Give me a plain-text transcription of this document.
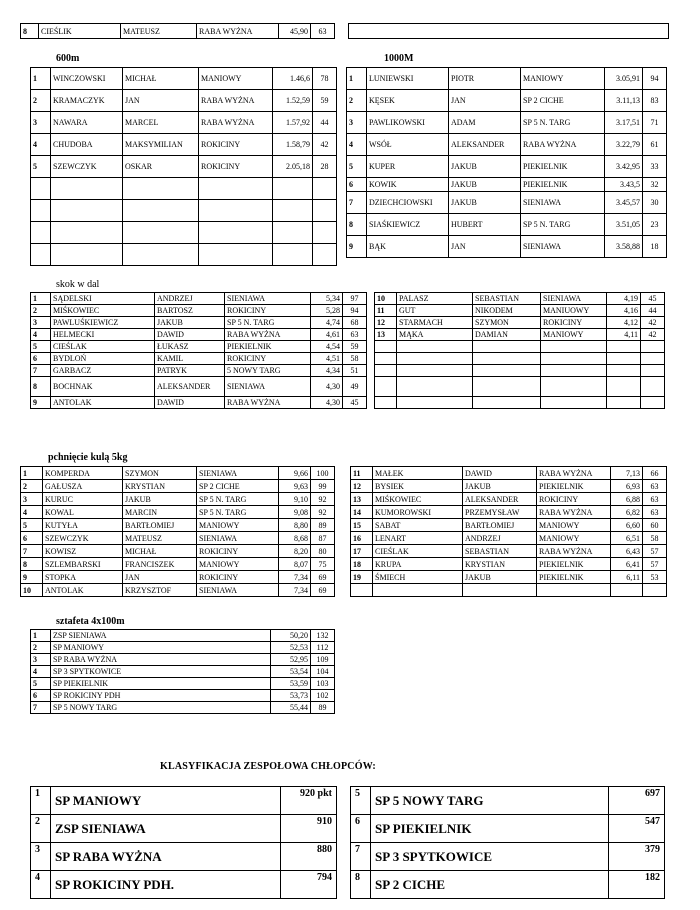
8	CIEŚLIK	MATEUSZ	RABA WYŻNA	45,90	63
600m
1	WINCZOWSKI	MICHAŁ	MANIOWY	1.46,6	78
2	KRAMACZYK	JAN	RABA WYŻNA	1.52,59	59
3	NAWARA	MARCEL	RABA WYŻNA	1.57,92	44
4	CHUDOBA	MAKSYMILIAN	ROKICINY	1.58,79	42
5	SZEWCZYK	OSKAR	ROKICINY	2.05,18	28

1000M
1	LUNIEWSKI	PIOTR	MANIOWY	3.05,91	94
2	KĘSEK	JAN	SP 2 CICHE	3.11,13	83
3	PAWLIKOWSKI	ADAM	SP 5 N. TARG	3.17,51	71
4	WSÓŁ	ALEKSANDER	RABA WYŻNA	3.22,79	61
5	KUPER	JAKUB	PIEKIELNIK	3.42,95	33
6	KOWIK	JAKUB	PIEKIELNIK	3.43,5	32
7	DZIECHCIOWSKI	JAKUB	SIENIAWA	3.45,57	30
8	SIAŚKIEWICZ	HUBERT	SP 5 N. TARG	3.51,05	23
9	BĄK	JAN	SIENIAWA	3.58,88	18
skok w dal
1	SĄDELSKI	ANDRZEJ	SIENIAWA	5,34	97
2	MIŚKOWIEC	BARTOSZ	ROKICINY	5,28	94
3	PAWLUŚKIEWICZ	JAKUB	SP 5 N. TARG	4,74	68
4	HELMECKI	DAWID	RABA WYŻNA	4,61	63
5	CIEŚLAK	ŁUKASZ	PIEKIELNIK	4,54	59
6	BYDLOŃ	KAMIL	ROKICINY	4,51	58
7	GARBACZ	PATRYK	5 NOWY TARG	4,34	51
8	BOCHNAK	ALEKSANDER	SIENIAWA	4,30	49
9	ANTOLAK	DAWID	RABA WYŻNA	4,30	45
10	PALASZ	SEBASTIAN	SIENIAWA	4,19	45
11	GUT	NIKODEM	MANIUOWY	4,16	44
12	STARMACH	SZYMON	ROKICINY	4,12	42
13	MĄKA	DAMIAN	MANIOWY	4,11	42

pchnięcie kulą 5kg
1	KOMPERDA	SZYMON	SIENIAWA	9,66	100
2	GAŁUSZA	KRYSTIAN	SP 2 CICHE	9,63	99
3	KURUC	JAKUB	SP 5 N. TARG	9,10	92
4	KOWAL	MARCIN	SP 5 N. TARG	9,08	92
5	KUTYŁA	BARTŁOMIEJ	MANIOWY	8,80	89
6	SZEWCZYK	MATEUSZ	SIENIAWA	8,68	87
7	KOWISZ	MICHAŁ	ROKICINY	8,20	80
8	SZLEMBARSKI	FRANCISZEK	MANIOWY	8,07	75
9	STOPKA	JAN	ROKICINY	7,34	69
10	ANTOLAK	KRZYSZTOF	SIENIAWA	7,34	69
11	MAŁEK	DAWID	RABA WYŻNA	7,13	66
12	BYSIEK	JAKUB	PIEKIELNIK	6,93	63
13	MIŚKOWIEC	ALEKSANDER	ROKICINY	6,88	63
14	KUMOROWSKI	PRZEMYSŁAW	RABA WYŻNA	6,82	63
15	SABAT	BARTŁOMIEJ	MANIOWY	6,60	60
16	LENART	ANDRZEJ	MANIOWY	6,51	58
17	CIEŚLAK	SEBASTIAN	RABA WYŻNA	6,43	57
18	KRUPA	KRYSTIAN	PIEKIELNIK	6,41	57
19	ŚMIECH	JAKUB	PIEKIELNIK	6,11	53

sztafeta 4x100m
1	ZSP SIENIAWA	50,20	132
2	SP MANIOWY	52,53	112
3	SP RABA WYŻNA	52,95	109
4	SP 3 SPYTKOWICE	53,54	104
5	SP PIEKIELNIK	53,59	103
6	SP ROKICINY PDH	53,73	102
7	SP 5 NOWY TARG	55,44	89
KLASYFIKACJA ZESPOŁOWA CHŁOPCÓW:
1	SP MANIOWY	920 pkt
2	ZSP SIENIAWA	910
3	SP RABA WYŻNA	880
4	SP ROKICINY PDH.	794
5	SP 5 NOWY TARG	697
6	SP PIEKIELNIK	547
7	SP 3 SPYTKOWICE	379
8	SP 2 CICHE	182
